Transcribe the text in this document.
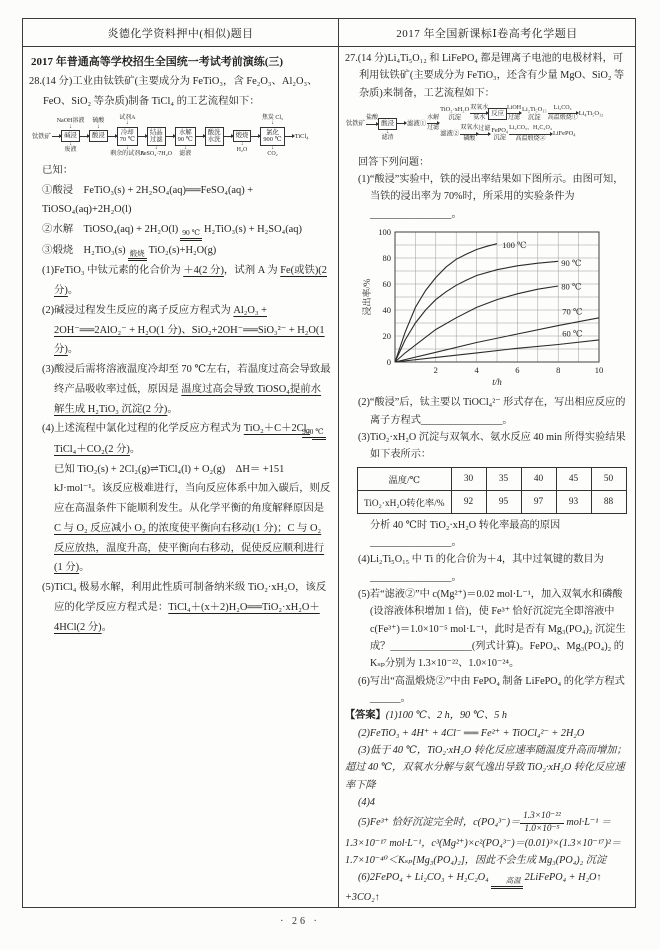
炎德化学资料押中(相似)题目	2017 年全国新课标Ⅰ卷高考化学题目
2017 年普通高等学校招生全国统一考试考前演练(三)
28.(14 分)工业由钛铁矿(主要成分为 FeTiO₃，含 Fe₂O₃、Al₂O₃、FeO、SiO₂ 等杂质)制备 TiCl₄ 的工艺流程如下：
钛铁矿 碱浸
NaOH溶液
↓
↓
废液
酸浸
硫酸
↓
冷却
70 ℃
试剂A
↓
↓
剩余的试剂A
结晶
过滤
↓
FeSO₄·7H₂O
水解
90 ℃
↓
滤液
酸洗
水洗
煅烧
↓
H₂O
氯化
900 ℃
焦炭 Cl₂
↓
↓
CO₂
TiCl₄
已知：
①酸浸　FeTiO₃(s) + 2H₂SO₄(aq)══FeSO₄(aq) + TiOSO₄(aq)+2H₂O(l)
②水解　TiOSO₄(aq) + 2H₂O(l) 90 ℃ H₂TiO₃(s) + H₂SO₄(aq)
③煅烧　H₂TiO₃(s) 煅烧 TiO₂(s)+H₂O(g)
(1)FeTiO₃ 中钛元素的化合价为 ＋4(2 分)，试剂 A 为 Fe(或铁)(2 分)。
(2)碱浸过程发生反应的离子反应方程式为 Al₂O₃ + 2OH⁻══2AlO₂⁻ + H₂O(1 分)、SiO₂+2OH⁻══SiO₃²⁻ + H₂O(1 分)。
(3)酸浸后需将溶液温度冷却至 70 ℃左右，若温度过高会导致最终产品吸收率过低，原因是 温度过高会导致 TiOSO₄提前水解生成 H₂TiO₃ 沉淀(2 分)。
(4)上述流程中氯化过程的化学反应方程式为 TiO₂＋C＋2Cl₂
900 ℃
TiCl₄＋CO₂(2 分)。
已知 TiO₂(s) + 2Cl₂(g)⇌TiCl₄(l) + O₂(g)　ΔH＝ +151 kJ·mol⁻¹。该反应极难进行，当向反应体系中加入碳后，则反应在高温条件下能顺利发生。从化学平衡的角度解释原因是 C 与 O₂ 反应减小 O₂ 的浓度使平衡向右移动(1 分)；C 与 O₂ 反应放热，温度升高，使平衡向右移动，促使反应顺利进行(1 分)。
(5)TiCl₄ 极易水解，利用此性质可制备纳米级 TiO₂·xH₂O，该反应的化学反应方程式是：TiCl₄＋(x＋2)H₂O══TiO₂·xH₂O＋4HCl(2 分)。
27.(14 分)Li₄Ti₅O₁₂ 和 LiFePO₄ 都是锂离子电池的电极材料，可利用钛铁矿(主要成分为 FeTiO₃，还含有少量 MgO、SiO₂ 等杂质)来制备，工艺流程如下：
钛铁矿
盐酸
酸浸
↓
滤渣
滤液①
水解
过滤
TiO₂·xH₂O
沉淀
双氧水
氨水
反应
LiOH
过滤
Li₂Ti₅O₁₅
沉淀
Li₂CO₃
高温煅烧①
Li₄Ti₅O₁₂
滤液②
双氧水
磷酸
过滤 FePO₄
沉淀
Li₂CO₃、H₂C₂O₄
高温煅烧②
LiFePO₄
回答下列问题：
(1)“酸浸”实验中，铁的浸出率结果如下图所示。由图可知，当铁的浸出率为 70%时，所采用的实验条件为________________。
2	4	6	8	10
0
20
40
60
80
100
t/h
浸出率/%
100 ℃
90 ℃
80 ℃
70 ℃
60 ℃
(2)“酸浸”后，钛主要以 TiOCl₄²⁻ 形式存在，写出相应反应的离子方程式________________。
(3)TiO₂·xH₂O 沉淀与双氧水、氨水反应 40 min 所得实验结果如下表所示：
温度/℃	30	35	40	45	50
TiO₂·xH₂O转化率/%	92	95	97	93	88
分析 40 ℃时 TiO₂·xH₂O 转化率最高的原因________________。
(4)Li₂Ti₅O₁₅ 中 Ti 的化合价为＋4，其中过氧键的数目为________________。
(5)若“滤液②”中 c(Mg²⁺)＝0.02 mol·L⁻¹，加入双氧水和磷酸(设溶液体积增加 1 倍)，使 Fe³⁺ 恰好沉淀完全即溶液中 c(Fe³⁺)＝1.0×10⁻⁵ mol·L⁻¹，此时是否有 Mg₃(PO₄)₂ 沉淀生成？________________(列式计算)。FePO₄、Mg₃(PO₄)₂ 的 Kₛₚ分别为 1.3×10⁻²²、1.0×10⁻²⁴。
(6)写出“高温煅烧②”中由 FePO₄ 制备 LiFePO₄ 的化学方程式______。
【答案】(1)100 ℃、2 h，90 ℃、5 h
(2)FeTiO₃ + 4H⁺ + 4Cl⁻ ══ Fe²⁺ + TiOCl₄²⁻ + 2H₂O
(3)低于 40 ℃，TiO₂·xH₂O 转化反应速率随温度升高而增加；超过 40 ℃，双氧水分解与氨气逸出导致 TiO₂·xH₂O 转化反应速率下降
(4)4
(5)Fe³⁺ 恰好沉淀完全时，$c(PO_4^{3-})= \frac{\text{1.3×10⁻²²}}{\text{1.0×10⁻⁵}} mol\cdot L^{-1} = 1.3\times 10^{-17}$ mol·L⁻¹，c³(Mg²⁺)×c²(PO₄³⁻)＝(0.01)³×(1.3×10⁻¹⁷)²＝1.7×10⁻⁴⁰＜Kₛₚ[Mg₃(PO₄)₂]，因此不会生成 Mg₃(PO₄)₂ 沉淀
(6)2FePO₄ + Li₂CO₃ + H₂C₂O₄	高温 2LiFePO₄ + H₂O↑ +3CO₂↑
· 26 ·
